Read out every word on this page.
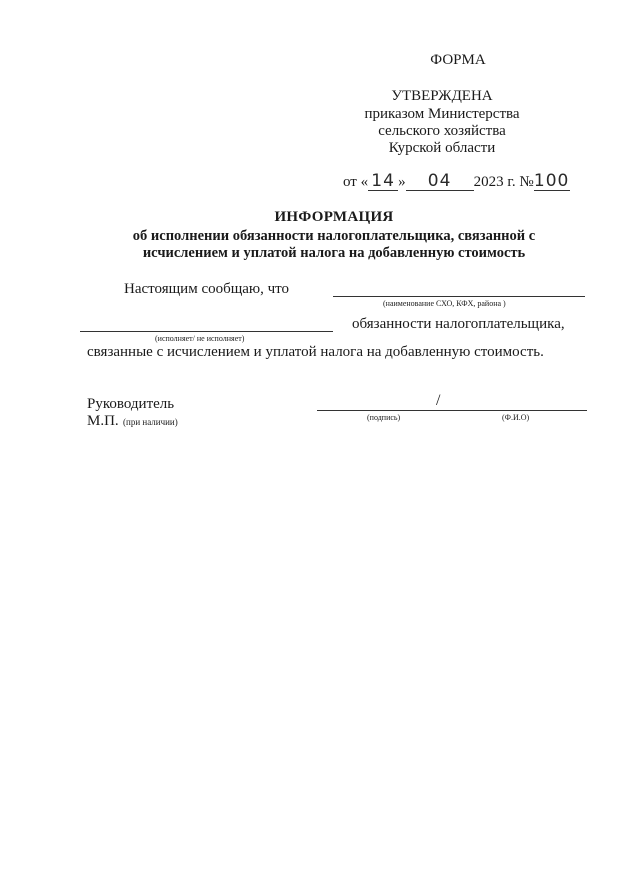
ФОРМА
УТВЕРЖДЕНА
приказом Министерства
сельского хозяйства
Курской области
от « 14 » 04 2023 г. №100
ИНФОРМАЦИЯ
об исполнении обязанности налогоплательщика, связанной с
исчислением и уплатой налога на добавленную стоимость
Настоящим сообщаю, что
(наименование СХО, КФХ, района )
(исполняет/ не исполняет)
обязанности налогоплательщика,
связанные с исчислением и уплатой налога на добавленную стоимость.
Руководитель
М.П. (при наличии)
/
(подпись)	(Ф.И.О)
